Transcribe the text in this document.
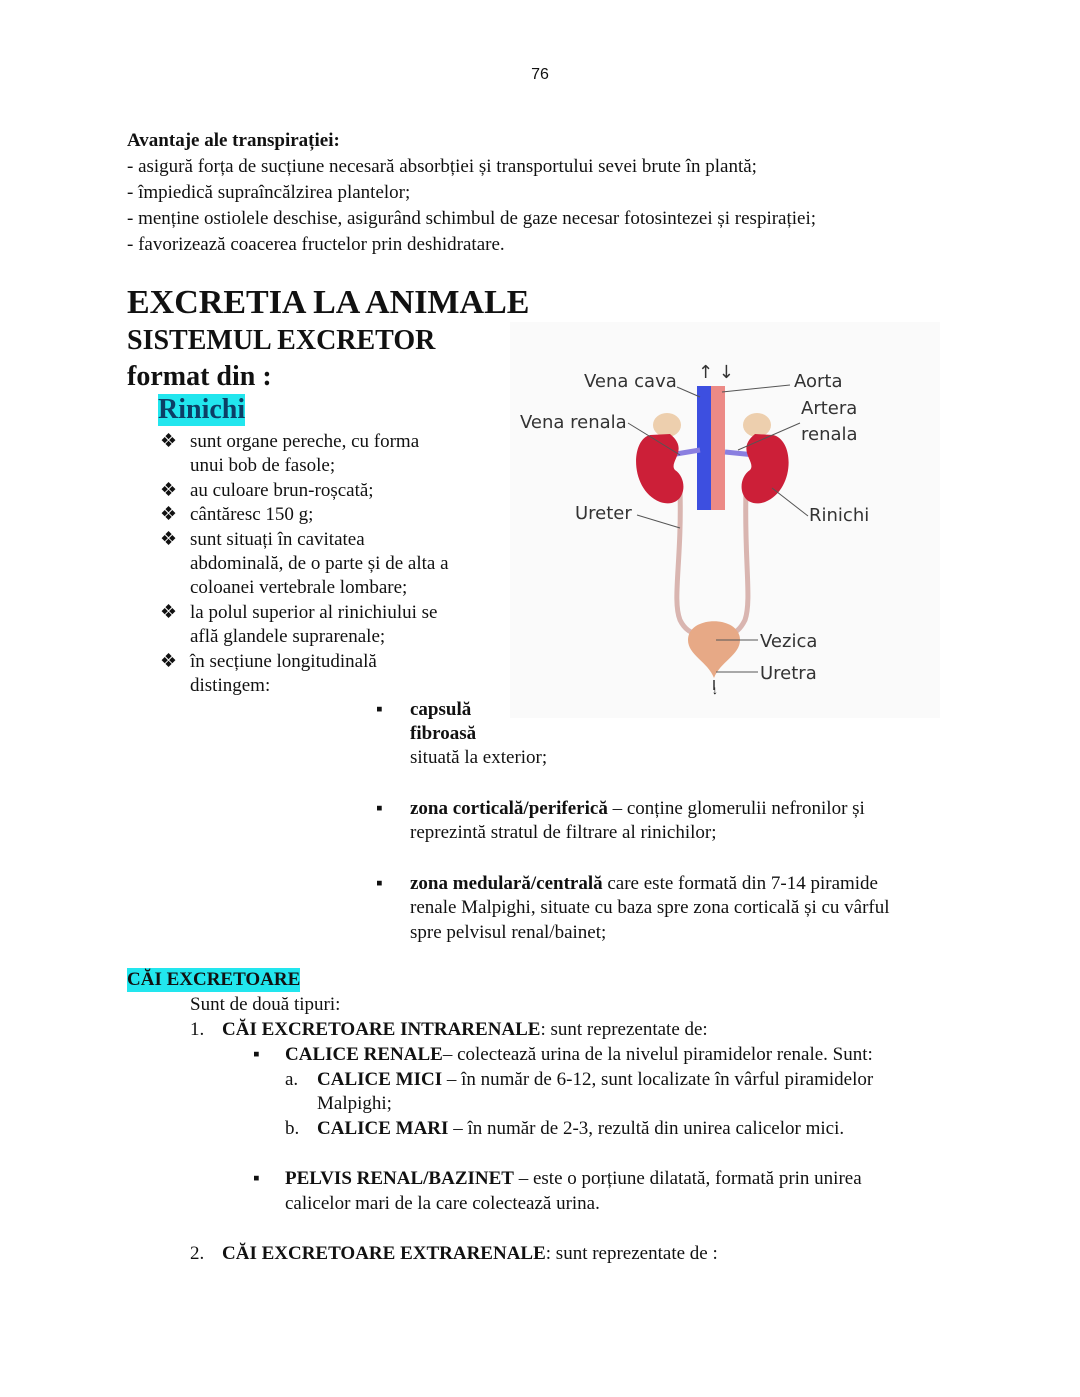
76
Avantaje ale transpirației:
- asigură forța de sucțiune necesară absorbției și transportului sevei brute în plantă;
- împiedică supraîncălzirea plantelor;
- menține ostiolele deschise, asigurând schimbul de gaze necesar fotosintezei și respirației;
- favorizează coacerea fructelor prin deshidratare.
EXCRETIA LA ANIMALE
SISTEMUL EXCRETOR
format din :
Rinichi
❖ sunt organe pereche, cu forma
unui bob de fasole;
❖ au culoare brun-roșcată;
❖ cântăresc 150 g;
❖ sunt situați în cavitatea
abdominală, de o parte și de alta a
coloanei vertebrale lombare;
❖ la polul superior al rinichiului se
află glandele suprarenale;
❖ în secțiune longitudinală
distingem:	↓
↑ ↓
Vena cava	Aorta
Vena renala
Artera
renala
Ureter	Rinichi
Vezica
Uretra
▪ capsulă
fibroasă
situată la exterior;
▪ zona corticală/periferică – conține glomerulii nefronilor și
reprezintă stratul de filtrare al rinichilor;
▪ zona medulară/centrală care este formată din 7-14 piramide
renale Malpighi, situate cu baza spre zona corticală și cu vârful
spre pelvisul renal/bainet;
CĂI EXCRETOARE
Sunt de două tipuri:
1. CĂI EXCRETOARE INTRARENALE: sunt reprezentate de:
▪ CALICE RENALE– colectează urina de la nivelul piramidelor renale. Sunt:
a. CALICE MICI – în număr de 6-12, sunt localizate în vârful piramidelor
Malpighi;
b. CALICE MARI – în număr de 2-3, rezultă din unirea calicelor mici.
▪ PELVIS RENAL/BAZINET – este o porțiune dilatată, formată prin unirea
calicelor mari de la care colectează urina.
2. CĂI EXCRETOARE EXTRARENALE: sunt reprezentate de :
